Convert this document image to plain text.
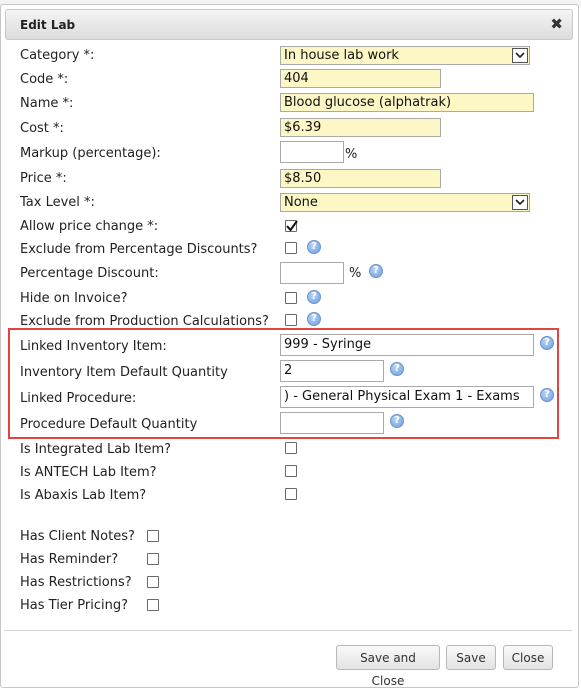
Edit Lab	✖
Category *:	In house lab work
Code *:	404
Name *:	Blood glucose (alphatrak)
Cost *:	$6.39
Markup (percentage):	%
Price *:	$8.50
Tax Level *:	None
Allow price change *:
Exclude from Percentage Discounts?	?
Percentage Discount:	%	?
Hide on Invoice?	?
Exclude from Production Calculations?	?
Linked Inventory Item:	999 - Syringe	?
Inventory Item Default Quantity	2	?
Linked Procedure:	) - General Physical Exam 1 - Exams	?
Procedure Default Quantity	?
Is Integrated Lab Item?
Is ANTECH Lab Item?
Is Abaxis Lab Item?
Has Client Notes?
Has Reminder?
Has Restrictions?
Has Tier Pricing?
Save and Close
Save	Close
